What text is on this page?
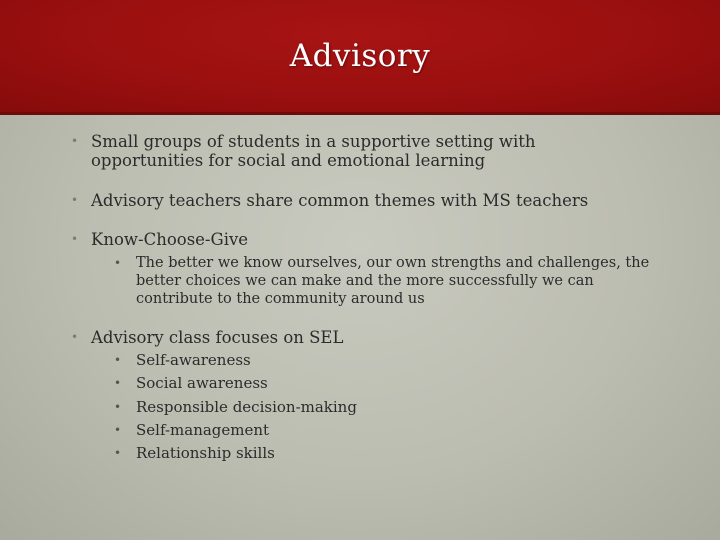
Advisory
• Small groups of students in a supportive setting with opportunities for social and emotional learning
• Advisory teachers share common themes with MS teachers
• Know-Choose-Give
• The better we know ourselves, our own strengths and challenges, the better choices we can make and the more successfully we can contribute to the community around us
• Advisory class focuses on SEL
• Self-awareness
• Social awareness
• Responsible decision-making
• Self-management
• Relationship skills
